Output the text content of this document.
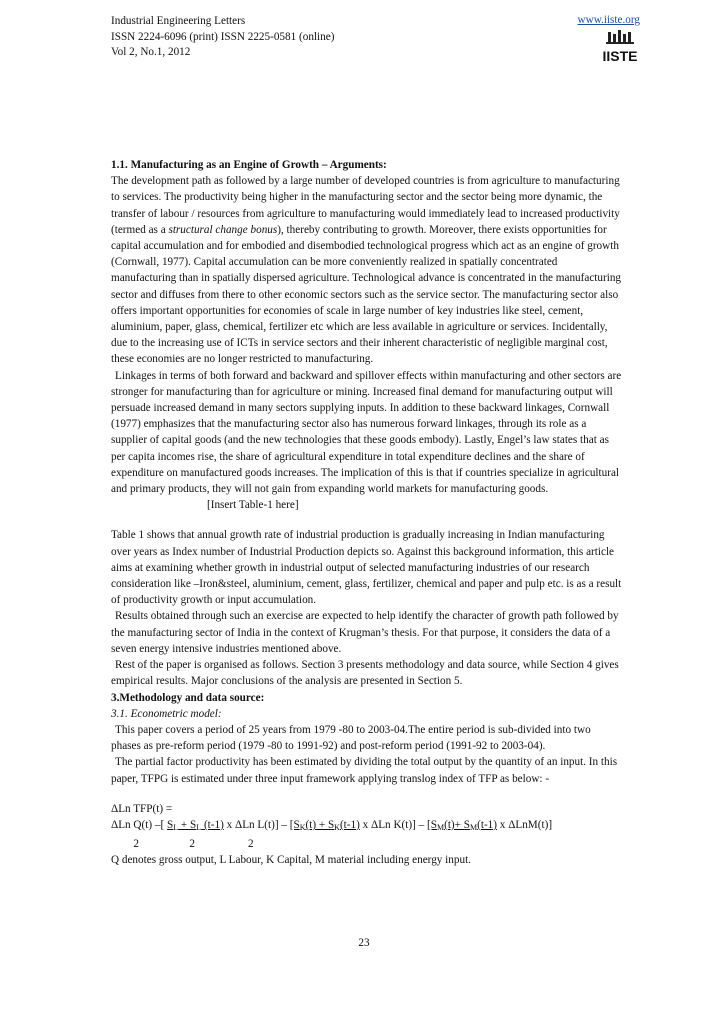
Industrial Engineering Letters
ISSN 2224-6096 (print) ISSN 2225-0581 (online)
Vol 2, No.1, 2012
www.iiste.org
IISTE

1.1. Manufacturing as an Engine of Growth – Arguments:

The development path as followed by a large number of developed countries is from agriculture to manufacturing to services. The productivity being higher in the manufacturing sector and the sector being more dynamic, the transfer of labour / resources from agriculture to manufacturing would immediately lead to increased productivity (termed as a structural change bonus), thereby contributing to growth. Moreover, there exists opportunities for capital accumulation and for embodied and disembodied technological progress which act as an engine of growth (Cornwall, 1977). Capital accumulation can be more conveniently realized in spatially concentrated manufacturing than in spatially dispersed agriculture. Technological advance is concentrated in the manufacturing sector and diffuses from there to other economic sectors such as the service sector. The manufacturing sector also offers important opportunities for economies of scale in large number of key industries like steel, cement, aluminium, paper, glass, chemical, fertilizer etc which are less available in agriculture or services. Incidentally, due to the increasing use of ICTs in service sectors and their inherent characteristic of negligible marginal cost, these economies are no longer restricted to manufacturing.

Linkages in terms of both forward and backward and spillover effects within manufacturing and other sectors are stronger for manufacturing than for agriculture or mining. Increased final demand for manufacturing output will persuade increased demand in many sectors supplying inputs. In addition to these backward linkages, Cornwall (1977) emphasizes that the manufacturing sector also has numerous forward linkages, through its role as a supplier of capital goods (and the new technologies that these goods embody). Lastly, Engel’s law states that as per capita incomes rise, the share of agricultural expenditure in total expenditure declines and the share of expenditure on manufactured goods increases. The implication of this is that if countries specialize in agricultural and primary products, they will not gain from expanding world markets for manufacturing goods.

[Insert Table-1 here]

Table 1 shows that annual growth rate of industrial production is gradually increasing in Indian manufacturing over years as Index number of Industrial Production depicts so. Against this background information, this article aims at examining whether growth in industrial output of selected manufacturing industries of our research consideration like –Iron&steel, aluminium, cement, glass, fertilizer, chemical and paper and pulp etc. is as a result of productivity growth or input accumulation.

Results obtained through such an exercise are expected to help identify the character of growth path followed by the manufacturing sector of India in the context of Krugman’s thesis. For that purpose, it considers the data of a seven energy intensive industries mentioned above.

Rest of the paper is organised as follows. Section 3 presents methodology and data source, while Section 4 gives empirical results. Major conclusions of the analysis are presented in Section 5.

3.Methodology and data source:

3.1. Econometric model:

This paper covers a period of 25 years from 1979 -80 to 2003-04.The entire period is sub-divided into two phases as pre-reform period (1979 -80 to 1991-92) and post-reform period (1991-92 to 2003-04).

The partial factor productivity has been estimated by dividing the total output by the quantity of an input. In this paper, TFPG is estimated under three input framework applying translog index of TFP as below: -

ΔLn TFP(t) =

ΔLn Q(t) –[ $S_L + S_L$ (t-1) x ΔLn $L(t)] - [S_K(t) + S_K(t-1)$ x ΔLn $K(t)] - [S_M(t)+ S_M(t-1)$ x ΔLnM(t)]

2                  2                   2

Q denotes gross output, L Labour, K Capital, M material including energy input.

23
